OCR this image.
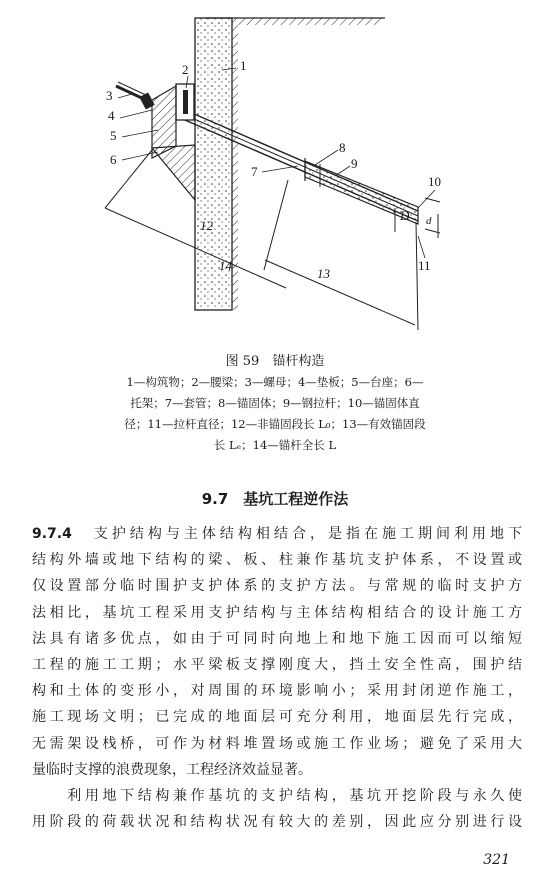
1
2
3
4
5
6
7
8
9
10
11
12
13
14
D d
图 59　锚杆构造
1—构筑物；2—腰梁；3—螺母；4—垫板；5—台座；6—
托架；7—套管；8—锚固体；9—钢拉杆；10—锚固体直
径；11—拉杆直径；12—非锚固段长 L₀；13—有效锚固段
长 Lₑ；14—锚杆全长 L
9.7　基坑工程逆作法
9.7.4　 支护结构与主体结构相结合，是指在施工期间利用地下
结构外墙或地下结构的梁、板、柱兼作基坑支护体系，不设置或
仅设置部分临时围护支护体系的支护方法。与常规的临时支护方
法相比，基坑工程采用支护结构与主体结构相结合的设计施工方
法具有诸多优点，如由于可同时向地上和地下施工因而可以缩短
工程的施工工期；水平梁板支撑刚度大，挡土安全性高，围护结
构和土体的变形小，对周围的环境影响小；采用封闭逆作施工，
施工现场文明；已完成的地面层可充分利用，地面层先行完成，
无需架设栈桥，可作为材料堆置场或施工作业场；避免了采用大
量临时支撑的浪费现象，工程经济效益显著。
　　利用地下结构兼作基坑的支护结构，基坑开挖阶段与永久使
用阶段的荷载状况和结构状况有较大的差别，因此应分别进行设
321
